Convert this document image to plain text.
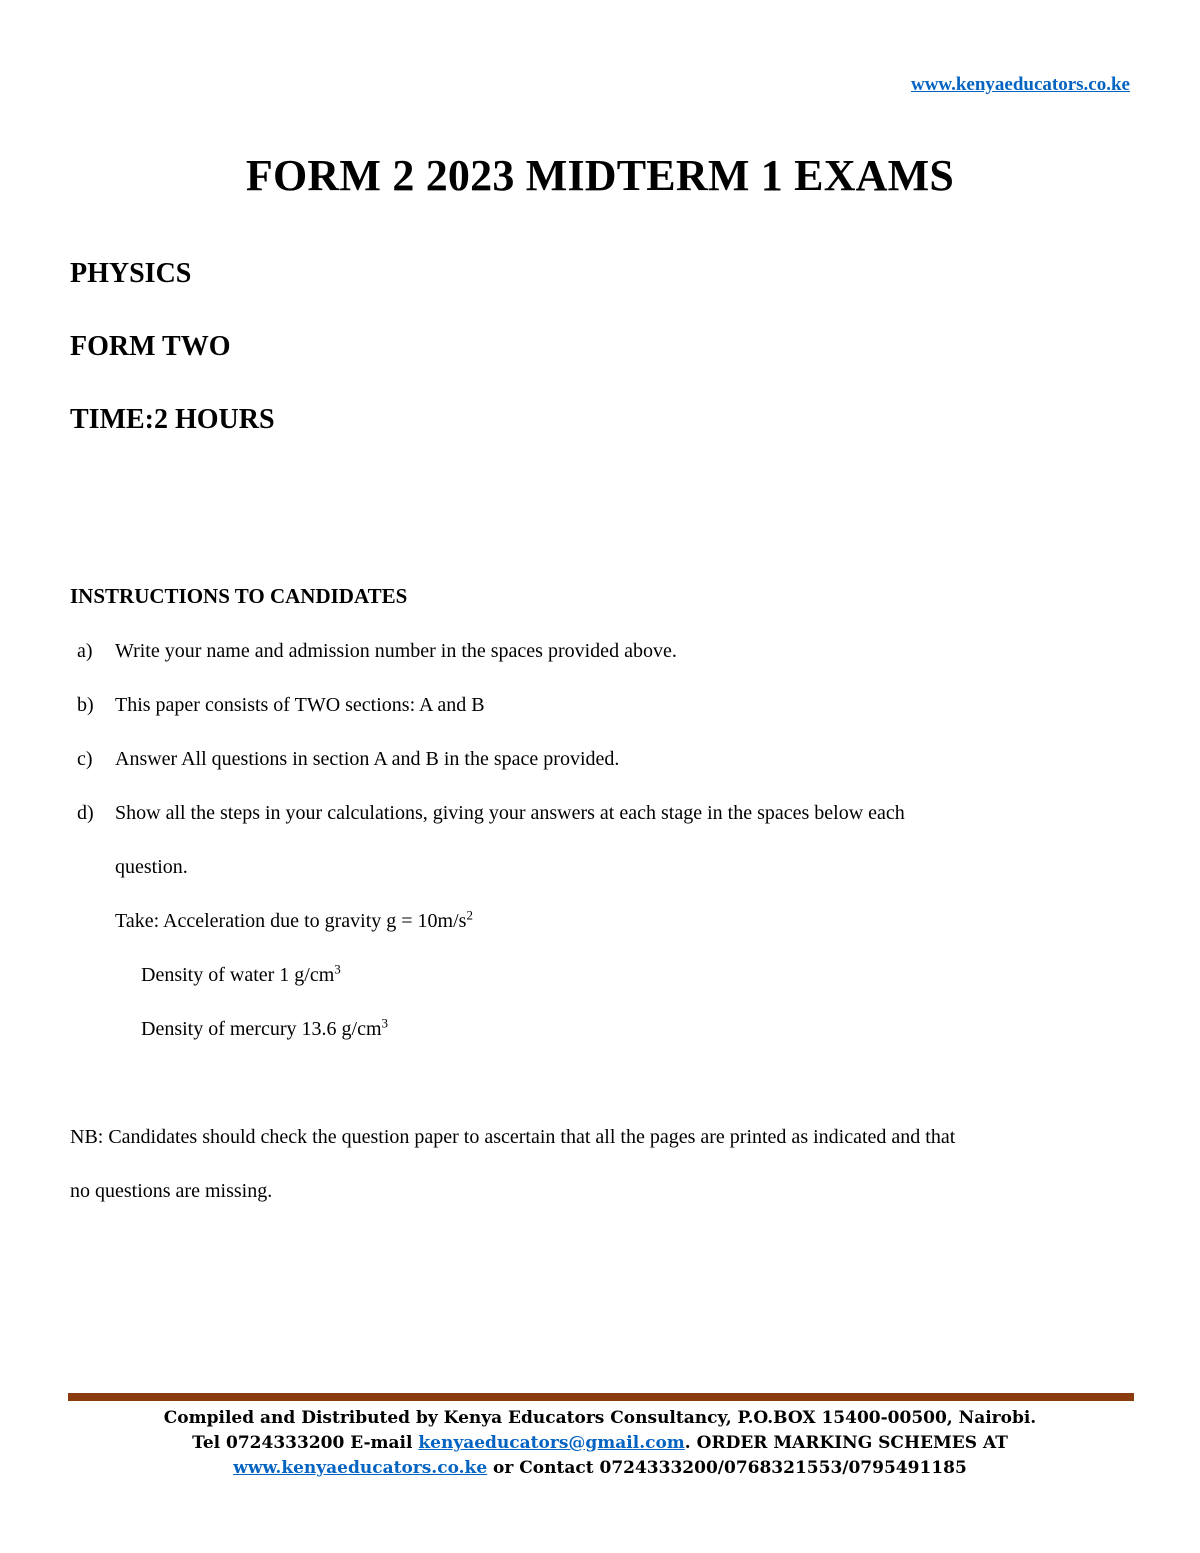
www.kenyaeducators.co.ke
FORM 2 2023 MIDTERM 1 EXAMS

PHYSICS

FORM TWO

TIME:2 HOURS

INSTRUCTIONS TO CANDIDATES

a) Write your name and admission number in the spaces provided above.
b) This paper consists of TWO sections: A and B
c) Answer All questions in section A and B in the space provided.
d) Show all the steps in your calculations, giving your answers at each stage in the spaces below each
question.
Take: Acceleration due to gravity $g = 10m/s^2$
Density of water 1 $g/cm^3$
Density of mercury 13.6 $g/cm^3$

NB: Candidates should check the question paper to ascertain that all the pages are printed as indicated and that

no questions are missing.

Compiled and Distributed by Kenya Educators Consultancy, P.O.BOX 15400-00500, Nairobi.
Tel 0724333200 E-mail kenyaeducators@gmail.com. ORDER MARKING SCHEMES AT
www.kenyaeducators.co.ke or Contact 0724333200/0768321553/0795491185
